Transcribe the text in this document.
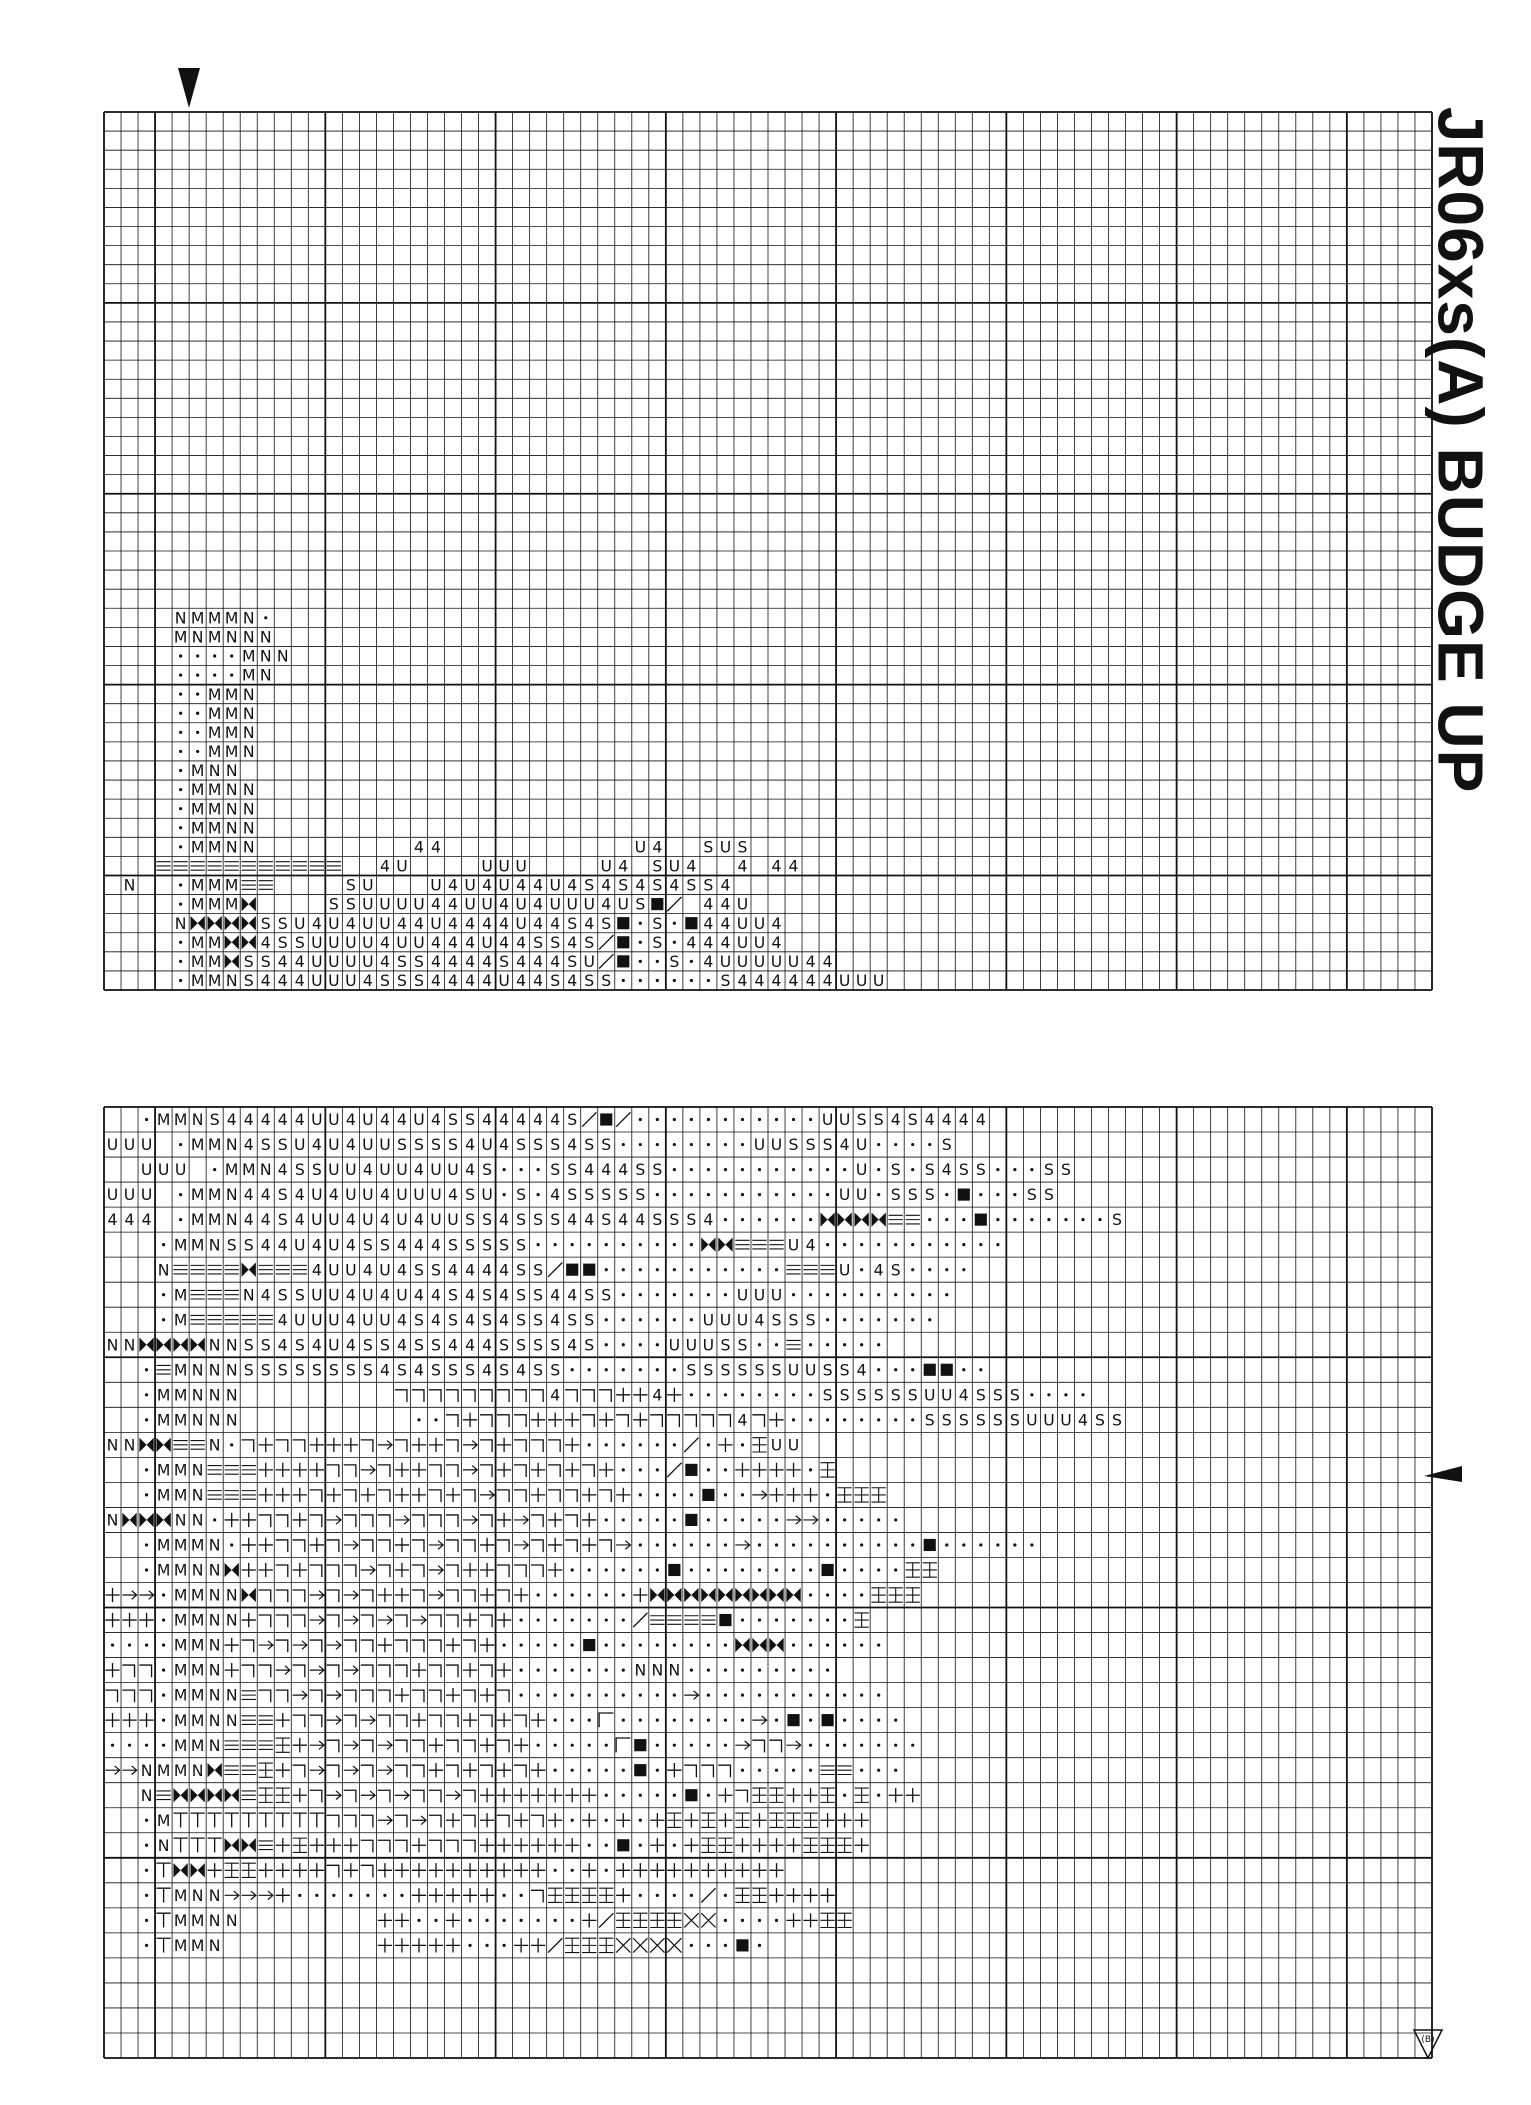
JR06xs(A) BUDGE UP
N M M M N
M N M N N N
M N N
M N
M M N
M M N
M M N
M M N
M N N
M M N N
M M N N
M M N N
M M N N	4 4	U 4	S U S
4 U	U U U	U 4 S U 4	4 4 4
N	M M M	S U	U 4 U 4 U 4 4 U 4 S 4 S 4 S 4 S S 4
M M M	S S U U U U 4 4 U U 4 U 4 U U U 4 U S	4 4 U
N	S S U 4 U 4 U U 4 4 U 4 4 4 4 U 4 4 S 4 S	S	4 4 U U 4
M M	4 S S U U U U 4 U U 4 4 4 U 4 4 S S 4 S	S 4 4 4 U U 4
M M S S 4 4 U U U U 4 S S 4 4 4 4 S 4 4 4 S U	S 4 U U U U U 4 4
M M N S 4 4 4 U U U 4 S S S 4 4 4 4 U 4 4 S 4 S S	S 4 4 4 4 4 4 U U U
M M N S 4 4 4 4 4 U U 4 U 4 4 U 4 S S 4 4 4 4 4 S	U U S S 4 S 4 4 4 4
U U U M M N 4 S S U 4 U 4 U U S S S S 4 U 4 S S S 4 S S	U U S S S 4 U	S
U U U M M N 4 S S U U 4 U U 4 U U 4 S	S S 4 4 4 S S	U S S 4 S S	S S
U U U M M N 4 4 S 4 U 4 U U 4 U U U 4 S U S 4 S S S S S	U U S S S	S S
4 4 4	M M N 4 4 S 4 U U 4 U 4 U 4 U U S S 4 S S S 4 4 S 4 4 S S S 4	S
M M N S S 4 4 U 4 U 4 S S 4 4 4 S S S S S	U 4
N	4 U U 4 U 4 S S 4 4 4 4 S S	U 4 S
M	N 4 S S U U 4 U 4 U 4 4 S 4 S 4 S S 4 4 S S	U U U
M	4 U U U 4 U U 4 S 4 S 4 S 4 S S 4 S S	U U U 4 S S S
N N	N N S S 4 S 4 U 4 S S 4 S S 4 4 4 S S S S 4 S	U U U S S
M N N N S S S S S S S S 4 S 4 S S S 4 S 4 S S	S S S S S S U U S S 4
M M N N N	4	4	S S S S S S U U 4 S S S
M M N N N	4	S S S S S S U U U 4 S S
N N	N	U U
M M N
M M N
N	N N
M M M N
M M N N
M M N N
M M N N
M M N
M M N	N N N
M M N N
M M N N
M M N
N M M N
N
M
N
M N N
M M N N
M M N
(B)
